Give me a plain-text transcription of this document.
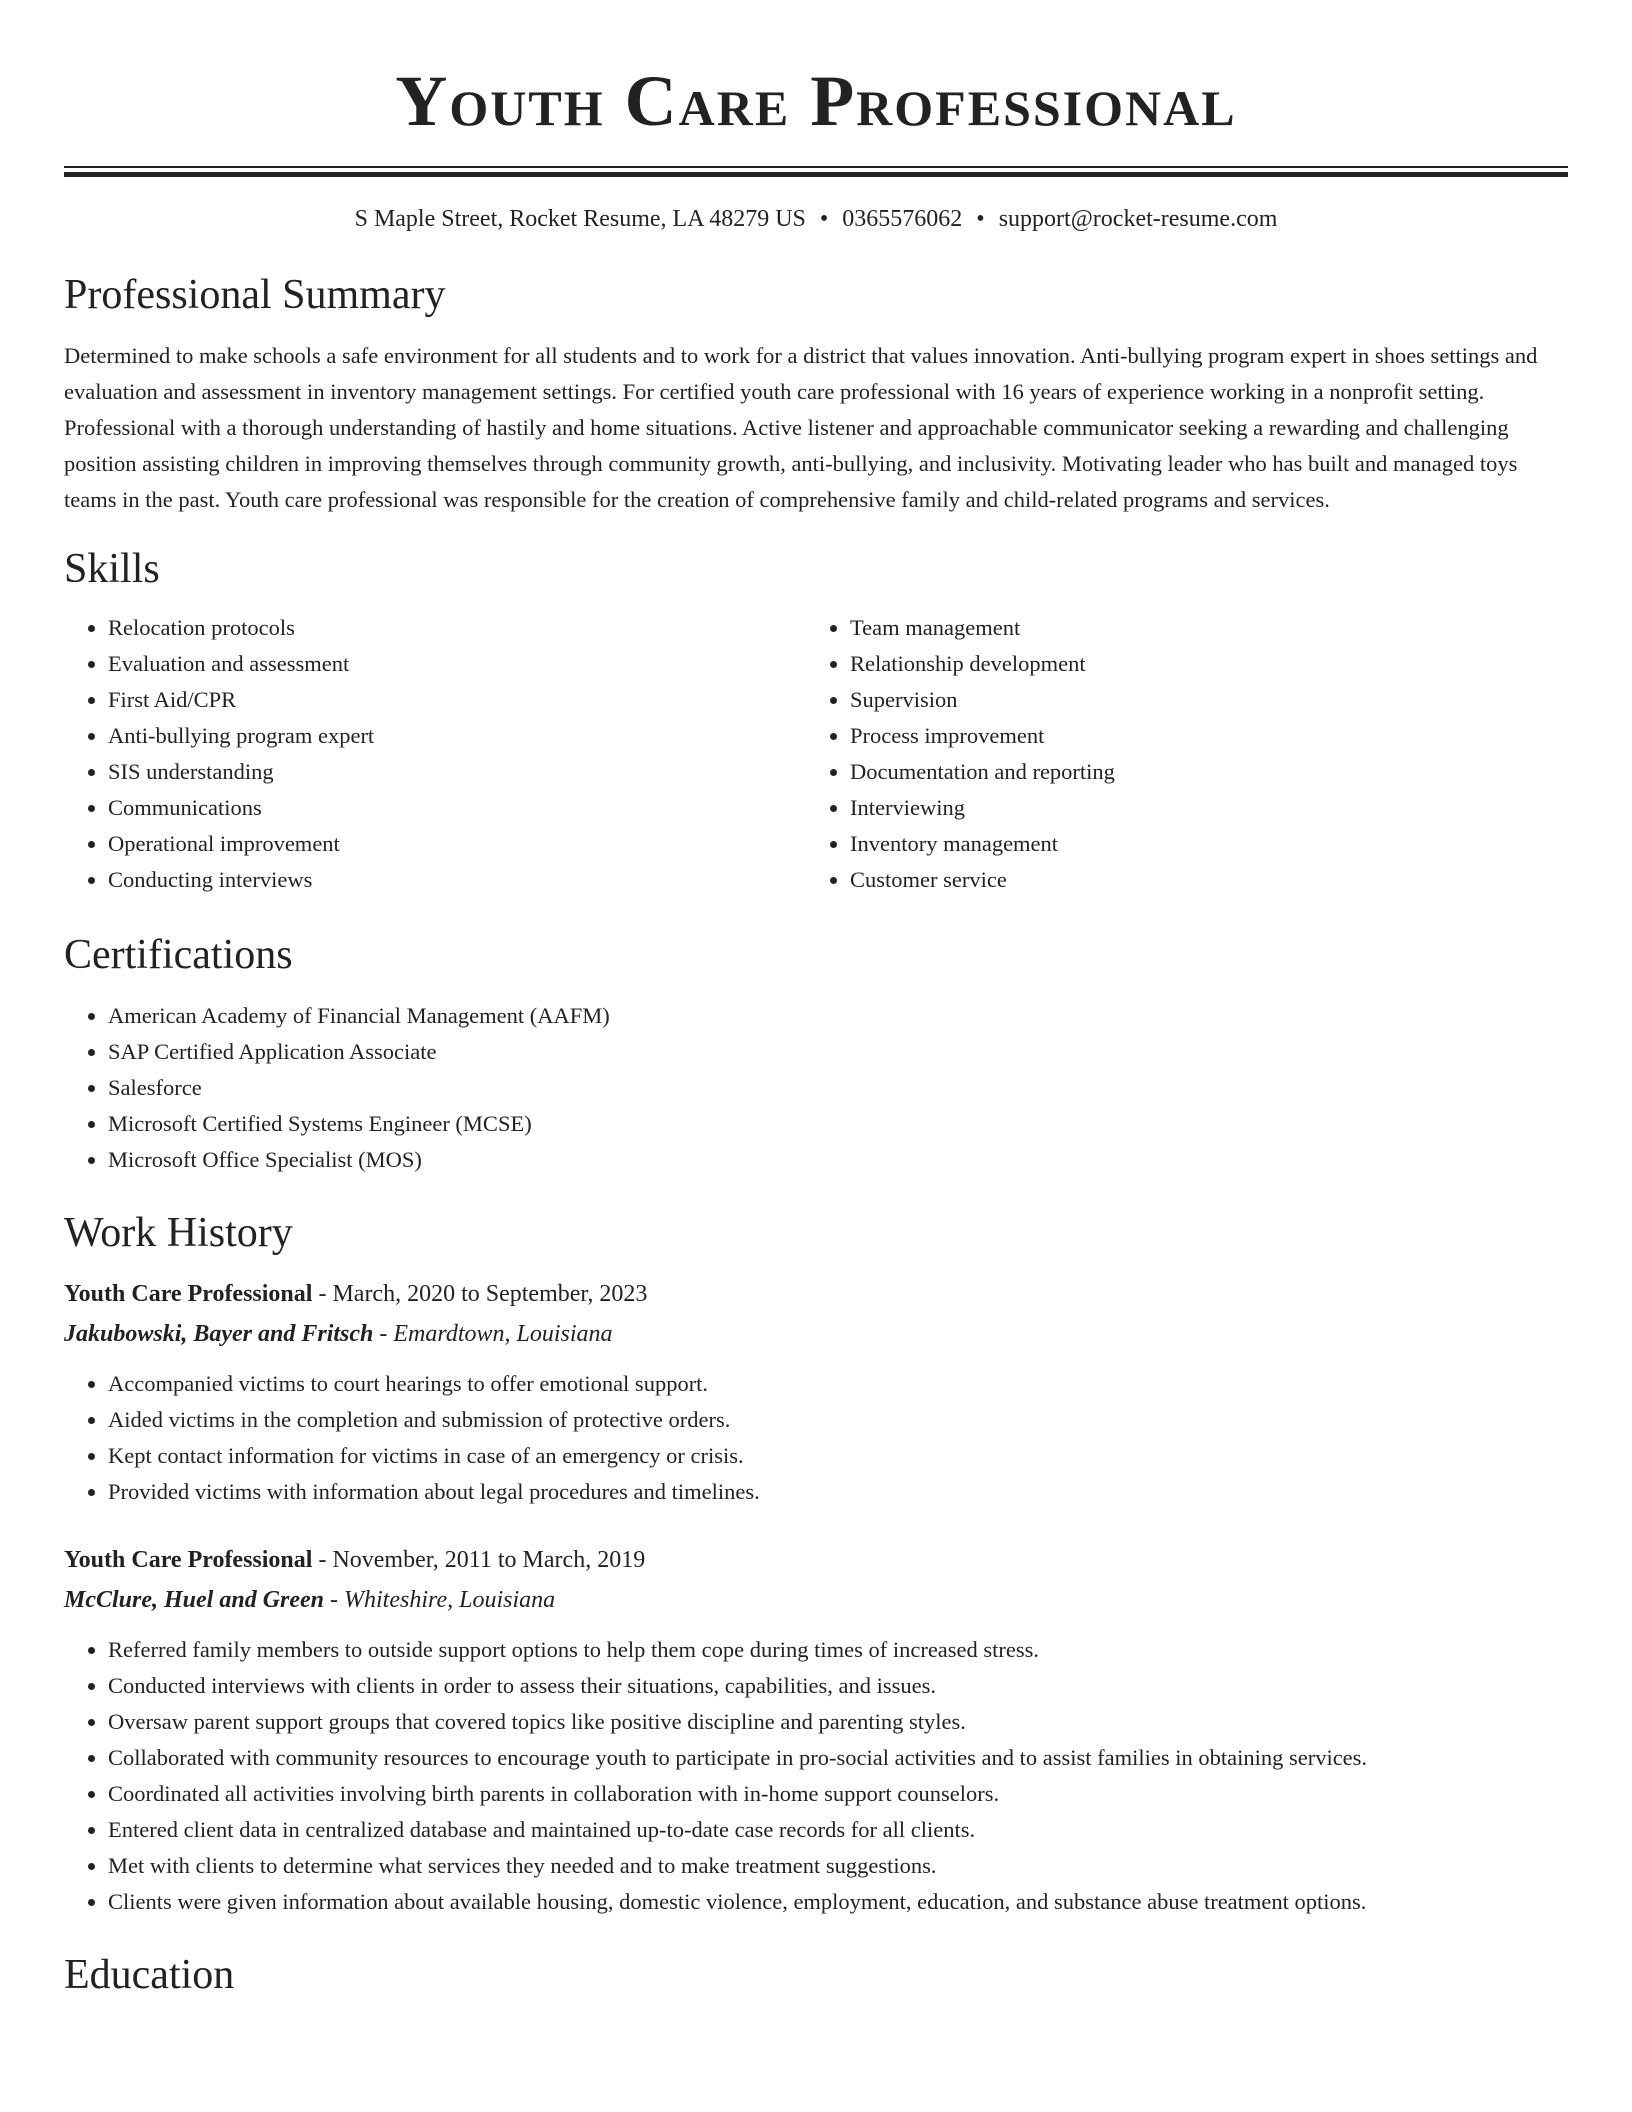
Youth Care Professional
S Maple Street, Rocket Resume, LA 48279 US • 0365576062 • support@rocket-resume.com
Professional Summary

Determined to make schools a safe environment for all students and to work for a district that values innovation. Anti-bullying program expert in shoes settings and evaluation and assessment in inventory management settings. For certified youth care professional with 16 years of experience working in a nonprofit setting. Professional with a thorough understanding of hastily and home situations. Active listener and approachable communicator seeking a rewarding and challenging position assisting children in improving themselves through community growth, anti-bullying, and inclusivity. Motivating leader who has built and managed toys teams in the past. Youth care professional was responsible for the creation of comprehensive family and child-related programs and services.

Skills
• Relocation protocols
• Evaluation and assessment
• First Aid/CPR
• Anti-bullying program expert
• SIS understanding
• Communications
• Operational improvement
• Conducting interviews
• Team management
• Relationship development
• Supervision
• Process improvement
• Documentation and reporting
• Interviewing
• Inventory management
• Customer service
Certifications
• American Academy of Financial Management (AAFM)
• SAP Certified Application Associate
• Salesforce
• Microsoft Certified Systems Engineer (MCSE)
• Microsoft Office Specialist (MOS)
Work History
Youth Care Professional - March, 2020 to September, 2023
Jakubowski, Bayer and Fritsch - Emardtown, Louisiana
• Accompanied victims to court hearings to offer emotional support.
• Aided victims in the completion and submission of protective orders.
• Kept contact information for victims in case of an emergency or crisis.
• Provided victims with information about legal procedures and timelines.
Youth Care Professional - November, 2011 to March, 2019
McClure, Huel and Green - Whiteshire, Louisiana
• Referred family members to outside support options to help them cope during times of increased stress.
• Conducted interviews with clients in order to assess their situations, capabilities, and issues.
• Oversaw parent support groups that covered topics like positive discipline and parenting styles.
• Collaborated with community resources to encourage youth to participate in pro-social activities and to assist families in obtaining services.
• Coordinated all activities involving birth parents in collaboration with in-home support counselors.
• Entered client data in centralized database and maintained up-to-date case records for all clients.
• Met with clients to determine what services they needed and to make treatment suggestions.
• Clients were given information about available housing, domestic violence, employment, education, and substance abuse treatment options.
Education
